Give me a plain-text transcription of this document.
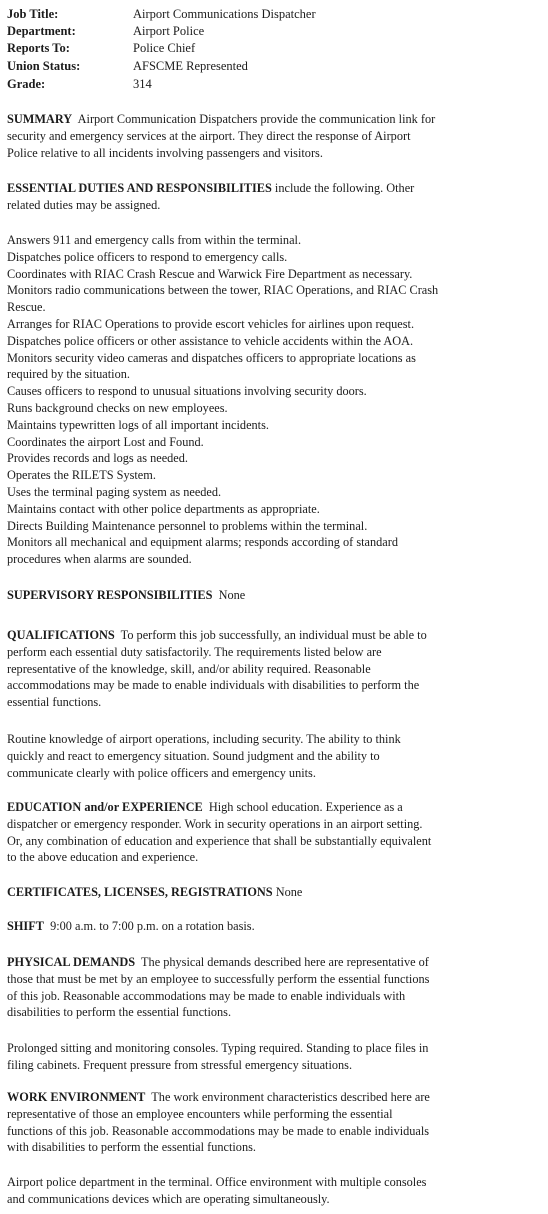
Job Title:	Airport Communications Dispatcher
Department:	Airport Police
Reports To:	Police Chief
Union Status:	AFSCME Represented
Grade:	314
SUMMARY Airport Communication Dispatchers provide the communication link for
security and emergency services at the airport. They direct the response of Airport
Police relative to all incidents involving passengers and visitors.
ESSENTIAL DUTIES AND RESPONSIBILITIES include the following. Other
related duties may be assigned.
Answers 911 and emergency calls from within the terminal.
Dispatches police officers to respond to emergency calls.
Coordinates with RIAC Crash Rescue and Warwick Fire Department as necessary.
Monitors radio communications between the tower, RIAC Operations, and RIAC Crash
Rescue.
Arranges for RIAC Operations to provide escort vehicles for airlines upon request.
Dispatches police officers or other assistance to vehicle accidents within the AOA.
Monitors security video cameras and dispatches officers to appropriate locations as
required by the situation.
Causes officers to respond to unusual situations involving security doors.
Runs background checks on new employees.
Maintains typewritten logs of all important incidents.
Coordinates the airport Lost and Found.
Provides records and logs as needed.
Operates the RILETS System.
Uses the terminal paging system as needed.
Maintains contact with other police departments as appropriate.
Directs Building Maintenance personnel to problems within the terminal.
Monitors all mechanical and equipment alarms; responds according of standard
procedures when alarms are sounded.
SUPERVISORY RESPONSIBILITIES None
QUALIFICATIONS To perform this job successfully, an individual must be able to
perform each essential duty satisfactorily. The requirements listed below are
representative of the knowledge, skill, and/or ability required. Reasonable
accommodations may be made to enable individuals with disabilities to perform the
essential functions.
Routine knowledge of airport operations, including security. The ability to think
quickly and react to emergency situation. Sound judgment and the ability to
communicate clearly with police officers and emergency units.
EDUCATION and/or EXPERIENCE High school education. Experience as a
dispatcher or emergency responder. Work in security operations in an airport setting.
Or, any combination of education and experience that shall be substantially equivalent
to the above education and experience.
CERTIFICATES, LICENSES, REGISTRATIONS None
SHIFT 9:00 a.m. to 7:00 p.m. on a rotation basis.
PHYSICAL DEMANDS The physical demands described here are representative of
those that must be met by an employee to successfully perform the essential functions
of this job. Reasonable accommodations may be made to enable individuals with
disabilities to perform the essential functions.
Prolonged sitting and monitoring consoles. Typing required. Standing to place files in
filing cabinets. Frequent pressure from stressful emergency situations.
WORK ENVIRONMENT The work environment characteristics described here are
representative of those an employee encounters while performing the essential
functions of this job. Reasonable accommodations may be made to enable individuals
with disabilities to perform the essential functions.
Airport police department in the terminal. Office environment with multiple consoles
and communications devices which are operating simultaneously.
